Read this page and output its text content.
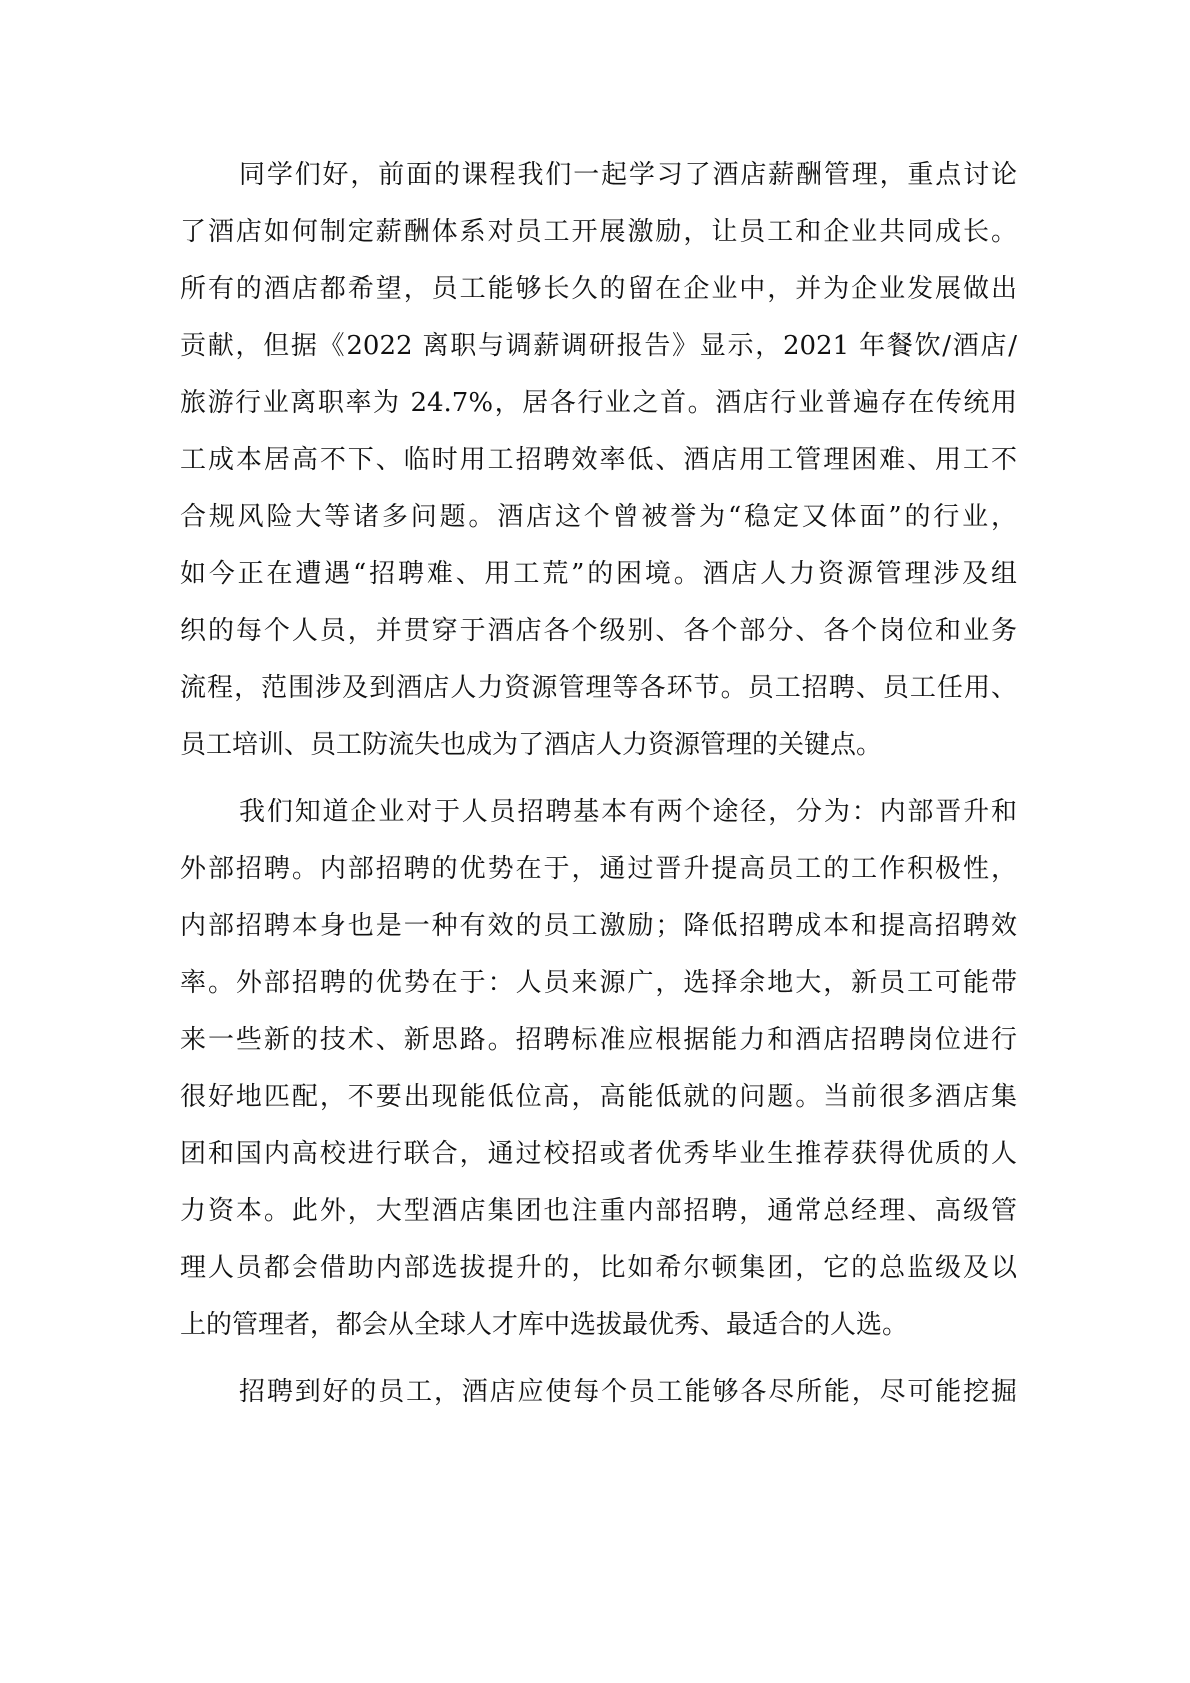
同学们好，前面的课程我们一起学习了酒店薪酬管理，重点讨论
了酒店如何制定薪酬体系对员工开展激励，让员工和企业共同成长。
所有的酒店都希望，员工能够长久的留在企业中，并为企业发展做出
贡献，但据《2022 离职与调薪调研报告》显示，2021 年餐饮/酒店/
旅游行业离职率为 24.7%，居各行业之首。酒店行业普遍存在传统用
工成本居高不下、临时用工招聘效率低、酒店用工管理困难、用工不
合规风险大等诸多问题。酒店这个曾被誉为“稳定又体面”的行业，
如今正在遭遇“招聘难、用工荒”的困境。酒店人力资源管理涉及组
织的每个人员，并贯穿于酒店各个级别、各个部分、各个岗位和业务
流程，范围涉及到酒店人力资源管理等各环节。员工招聘、员工任用、
员工培训、员工防流失也成为了酒店人力资源管理的关键点。
我们知道企业对于人员招聘基本有两个途径，分为：内部晋升和
外部招聘。内部招聘的优势在于，通过晋升提高员工的工作积极性，
内部招聘本身也是一种有效的员工激励；降低招聘成本和提高招聘效
率。外部招聘的优势在于：人员来源广，选择余地大，新员工可能带
来一些新的技术、新思路。招聘标准应根据能力和酒店招聘岗位进行
很好地匹配，不要出现能低位高，高能低就的问题。当前很多酒店集
团和国内高校进行联合，通过校招或者优秀毕业生推荐获得优质的人
力资本。此外，大型酒店集团也注重内部招聘，通常总经理、高级管
理人员都会借助内部选拔提升的，比如希尔顿集团，它的总监级及以
上的管理者，都会从全球人才库中选拔最优秀、最适合的人选。
招聘到好的员工，酒店应使每个员工能够各尽所能，尽可能挖掘
